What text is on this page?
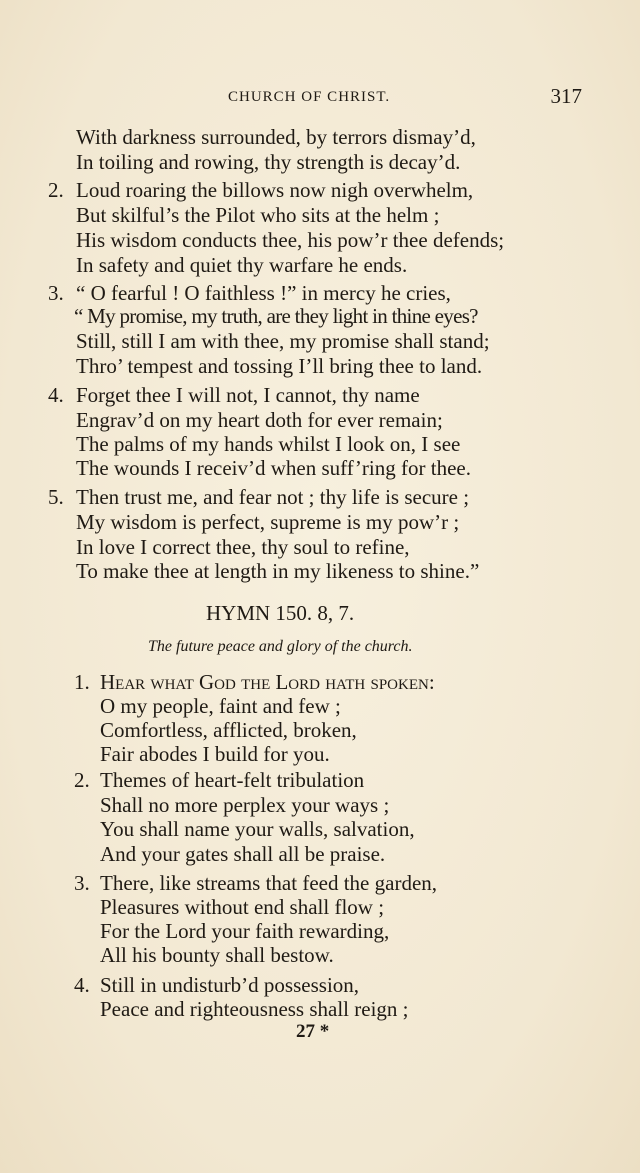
CHURCH OF CHRIST.	317
With darkness surrounded, by terrors dismay’d,
In toiling and rowing, thy strength is decay’d.
2. Loud roaring the billows now nigh overwhelm,
But skilful’s the Pilot who sits at the helm ;
His wisdom conducts thee, his pow’r thee defends;
In safety and quiet thy warfare he ends.
3. “ O fearful ! O faithless !” in mercy he cries,
“ My promise, my truth, are they light in thine eyes?
Still, still I am with thee, my promise shall stand;
Thro’ tempest and tossing I’ll bring thee to land.
4. Forget thee I will not, I cannot, thy name
Engrav’d on my heart doth for ever remain;
The palms of my hands whilst I look on, I see
The wounds I receiv’d when suff’ring for thee.
5. Then trust me, and fear not ; thy life is secure ;
My wisdom is perfect, supreme is my pow’r ;
In love I correct thee, thy soul to refine,
To make thee at length in my likeness to shine.”
HYMN 150. 8, 7.
The future peace and glory of the church.
1. Hear what God the Lord hath spoken:
O my people, faint and few ;
Comfortless, afflicted, broken,
Fair abodes I build for you.
2. Themes of heart-felt tribulation
Shall no more perplex your ways ;
You shall name your walls, salvation,
And your gates shall all be praise.
3. There, like streams that feed the garden,
Pleasures without end shall flow ;
For the Lord your faith rewarding,
All his bounty shall bestow.
4. Still in undisturb’d possession,
Peace and righteousness shall reign ;
27 *
